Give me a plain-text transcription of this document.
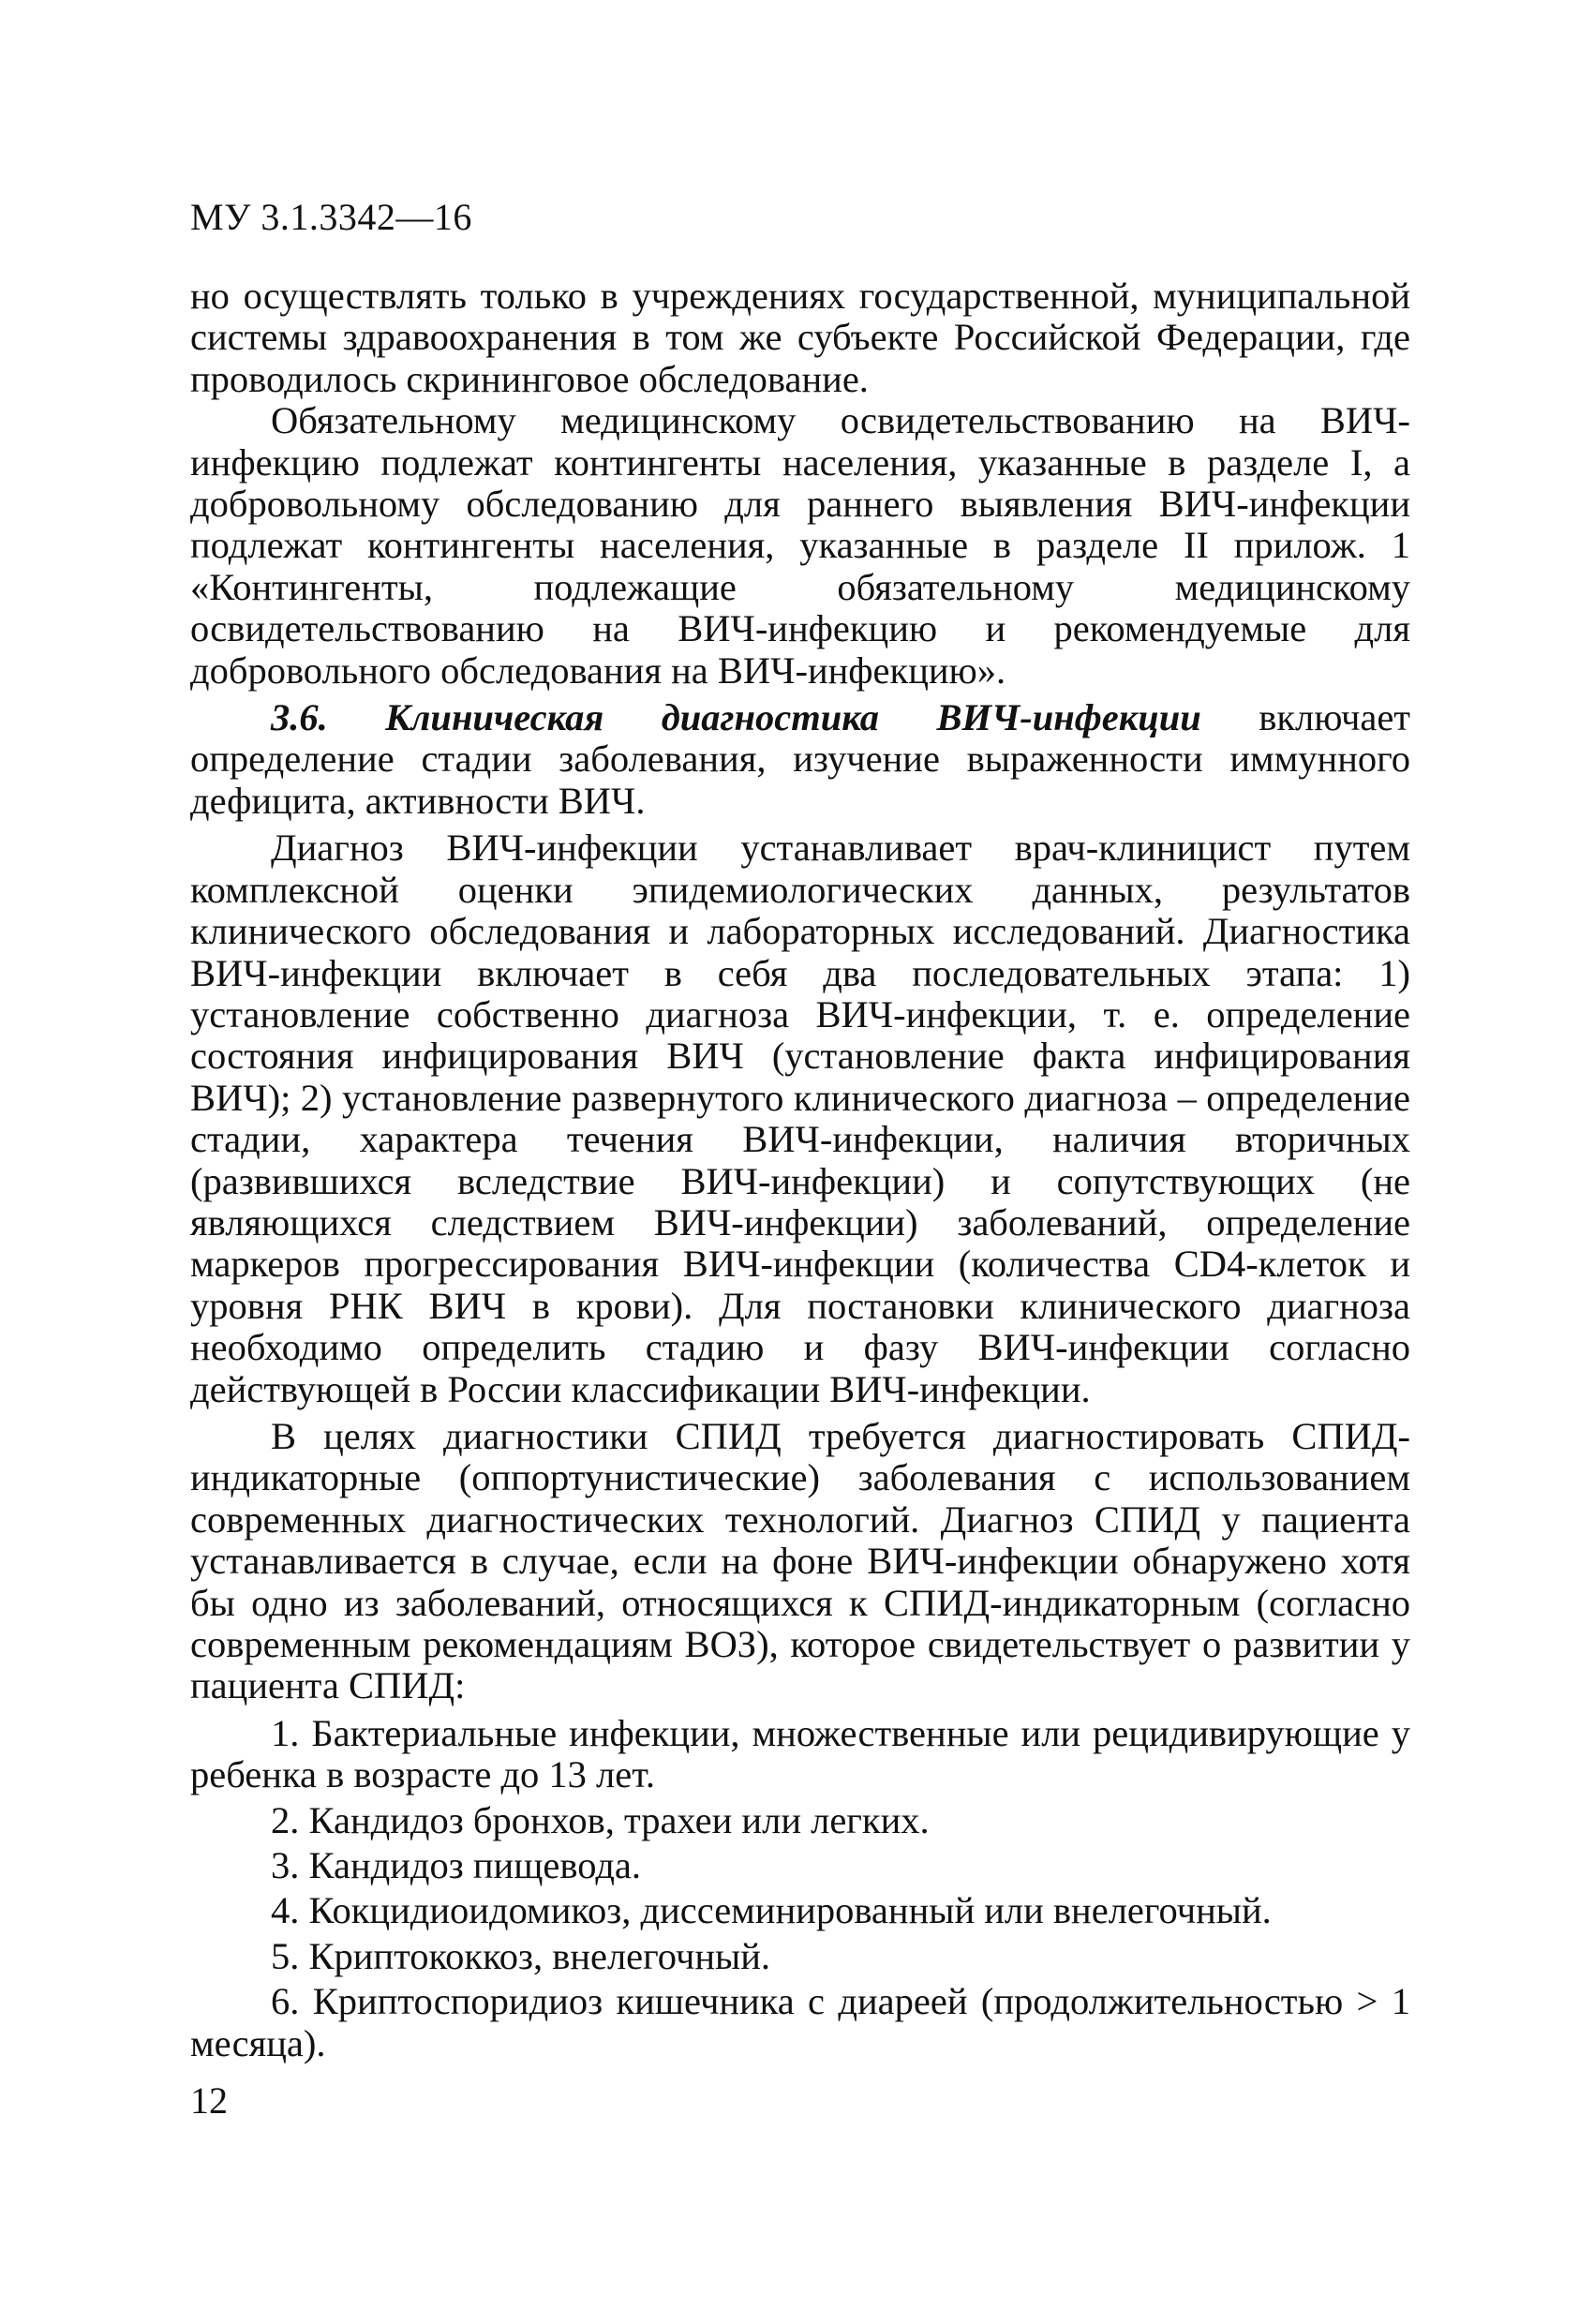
МУ 3.1.3342—16

но осуществлять только в учреждениях государственной, муниципальной системы здравоохранения в том же субъекте Российской Федерации, где проводилось скрининговое обследование.

Обязательному медицинскому освидетельствованию на ВИЧ-инфекцию подлежат контингенты населения, указанные в разделе I, а добровольному обследованию для раннего выявления ВИЧ-инфекции подлежат контингенты населения, указанные в разделе II прилож. 1 «Контингенты, подлежащие обязательному медицинскому освидетельствованию на ВИЧ-инфекцию и рекомендуемые для добровольного обследования на ВИЧ-инфекцию».

3.6. Клиническая диагностика ВИЧ-инфекции включает определение стадии заболевания, изучение выраженности иммунного дефицита, активности ВИЧ.

Диагноз ВИЧ-инфекции устанавливает врач-клиницист путем комплексной оценки эпидемиологических данных, результатов клинического обследования и лабораторных исследований. Диагностика ВИЧ-инфекции включает в себя два последовательных этапа: 1) установление собственно диагноза ВИЧ-инфекции, т. е. определение состояния инфицирования ВИЧ (установление факта инфицирования ВИЧ); 2) установление развернутого клинического диагноза – определение стадии, характера течения ВИЧ-инфекции, наличия вторичных (развившихся вследствие ВИЧ-инфекции) и сопутствующих (не являющихся следствием ВИЧ-инфекции) заболеваний, определение маркеров прогрессирования ВИЧ-инфекции (количества CD4-клеток и уровня РНК ВИЧ в крови). Для постановки клинического диагноза необходимо определить стадию и фазу ВИЧ-инфекции согласно действующей в России классификации ВИЧ-инфекции.

В целях диагностики СПИД требуется диагностировать СПИД-индикаторные (оппортунистические) заболевания с использованием современных диагностических технологий. Диагноз СПИД у пациента устанавливается в случае, если на фоне ВИЧ-инфекции обнаружено хотя бы одно из заболеваний, относящихся к СПИД-индикаторным (согласно современным рекомендациям ВОЗ), которое свидетельствует о развитии у пациента СПИД:

1. Бактериальные инфекции, множественные или рецидивирующие у ребенка в возрасте до 13 лет.
2. Кандидоз бронхов, трахеи или легких.
3. Кандидоз пищевода.
4. Кокцидиоидомикоз, диссеминированный или внелегочный.
5. Криптококкоз, внелегочный.
6. Криптоспоридиоз кишечника с диареей (продолжительностью > 1 месяца).
12
